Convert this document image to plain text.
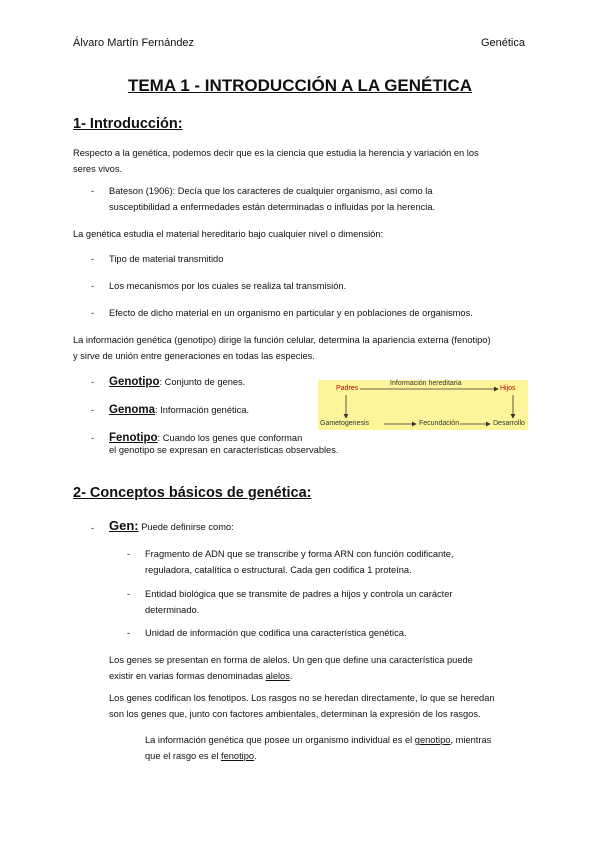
Álvaro Martín Fernández	Genética
TEMA 1 - INTRODUCCIÓN A LA GENÉTICA
1- Introducción:
Respecto a la genética, podemos decir que es la ciencia que estudia la herencia y variación en los
seres vivos.
- Bateson (1906): Decía que los caracteres de cualquier organismo, así como la
susceptibilidad a enfermedades están determinadas o influidas por la herencia.
La genética estudia el material hereditario bajo cualquier nivel o dimensión:
- Tipo de material transmitido
- Los mecanismos por los cuales se realiza tal transmisión.
- Efecto de dicho material en un organismo en particular y en poblaciones de organismos.
La información genética (genotipo) dirige la función celular, determina la apariencia externa (fenotipo)
y sirve de unión entre generaciones en todas las especies.
- Genotipo: Conjunto de genes.
- Genoma: Información genética.
- Fenotipo: Cuando los genes que conforman
el genotipo se expresan en características observables.
Padres
Información hereditaria
Hijos
Gametogenesis	Fecundación	Desarrollo
2- Conceptos básicos de genética:
- Gen: Puede definirse como:
- Fragmento de ADN que se transcribe y forma ARN con función codificante,
reguladora, catalítica o estructural. Cada gen codifica 1 proteína.
- Entidad biológica que se transmite de padres a hijos y controla un carácter
determinado.
- Unidad de información que codifica una característica genética.
Los genes se presentan en forma de alelos. Un gen que define una característica puede
existir en varias formas denominadas alelos.
Los genes codifican los fenotipos. Los rasgos no se heredan directamente, lo que se heredan
son los genes que, junto con factores ambientales, determinan la expresión de los rasgos.
La información genética que posee un organismo individual es el genotipo, mientras
que el rasgo es el fenotipo.
